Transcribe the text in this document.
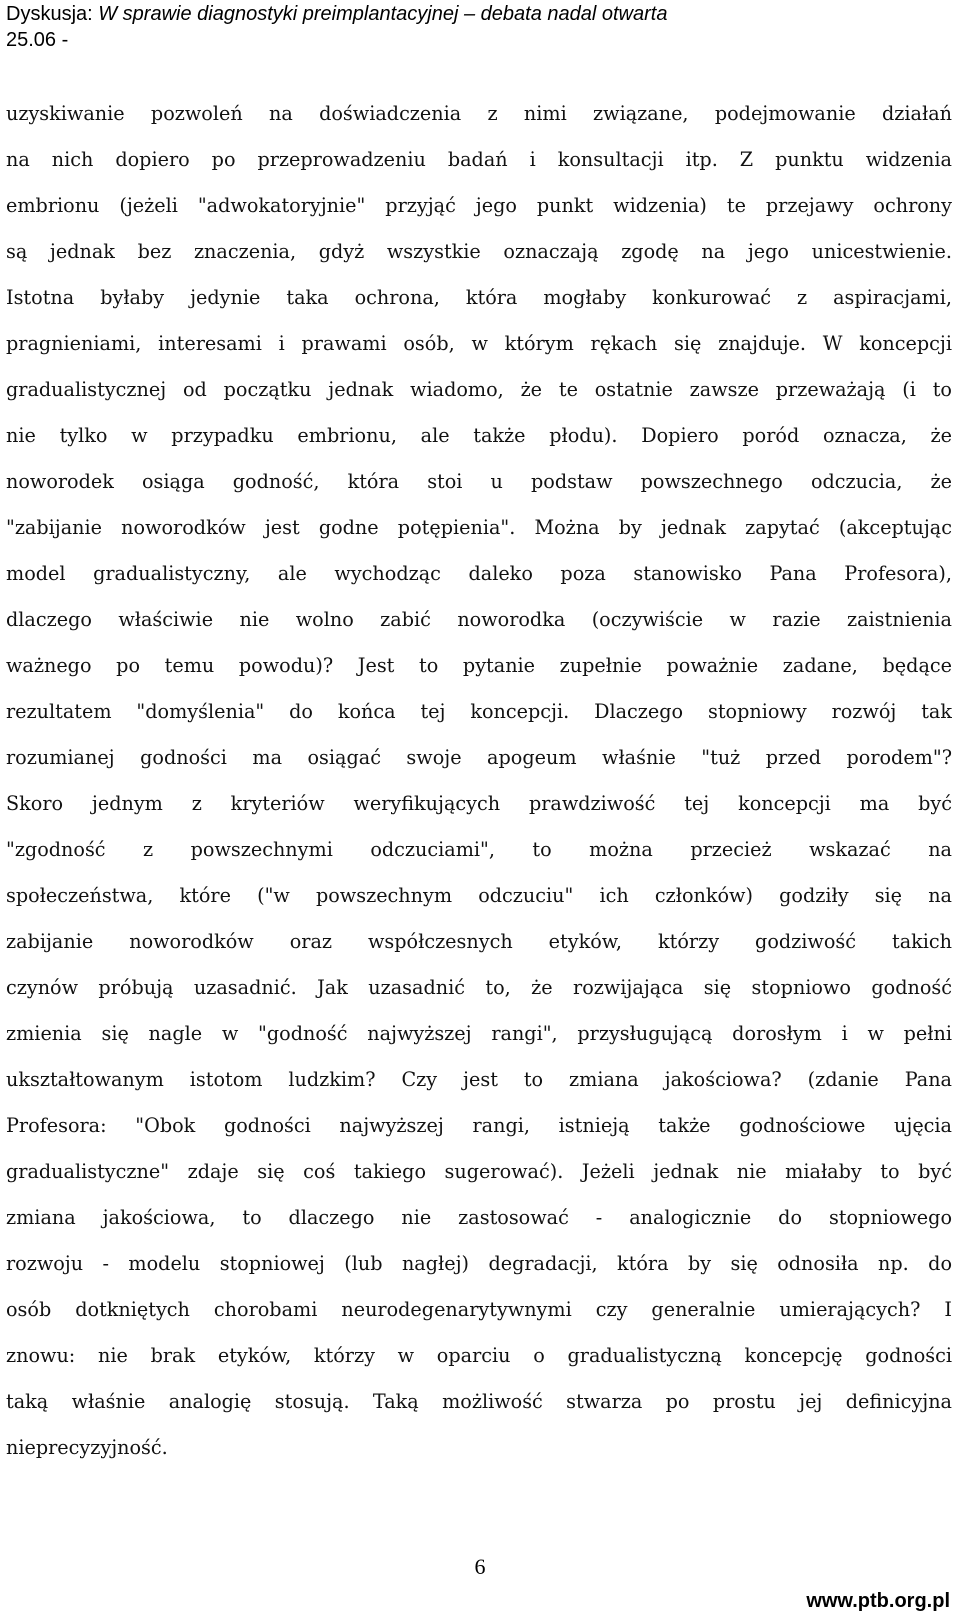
Dyskusja: W sprawie diagnostyki preimplantacyjnej – debata nadal otwarta
25.06 -
uzyskiwanie pozwoleń na doświadczenia z nimi związane, podejmowanie działań
na nich dopiero po przeprowadzeniu badań i konsultacji itp. Z punktu widzenia
embrionu (jeżeli "adwokatoryjnie" przyjąć jego punkt widzenia) te przejawy ochrony
są jednak bez znaczenia, gdyż wszystkie oznaczają zgodę na jego unicestwienie.
Istotna byłaby jedynie taka ochrona, która mogłaby konkurować z aspiracjami,
pragnieniami, interesami i prawami osób, w którym rękach się znajduje. W koncepcji
gradualistycznej od początku jednak wiadomo, że te ostatnie zawsze przeważają (i to
nie tylko w przypadku embrionu, ale także płodu). Dopiero poród oznacza, że
noworodek osiąga godność, która stoi u podstaw powszechnego odczucia, że
"zabijanie noworodków jest godne potępienia". Można by jednak zapytać (akceptując
model gradualistyczny, ale wychodząc daleko poza stanowisko Pana Profesora),
dlaczego właściwie nie wolno zabić noworodka (oczywiście w razie zaistnienia
ważnego po temu powodu)? Jest to pytanie zupełnie poważnie zadane, będące
rezultatem "domyślenia" do końca tej koncepcji. Dlaczego stopniowy rozwój tak
rozumianej godności ma osiągać swoje apogeum właśnie "tuż przed porodem"?
Skoro jednym z kryteriów weryfikujących prawdziwość tej koncepcji ma być
"zgodność z powszechnymi odczuciami", to można przecież wskazać na
społeczeństwa, które ("w powszechnym odczuciu" ich członków) godziły się na
zabijanie noworodków oraz współczesnych etyków, którzy godziwość takich
czynów próbują uzasadnić. Jak uzasadnić to, że rozwijająca się stopniowo godność
zmienia się nagle w "godność najwyższej rangi", przysługującą dorosłym i w pełni
ukształtowanym istotom ludzkim? Czy jest to zmiana jakościowa? (zdanie Pana
Profesora: "Obok godności najwyższej rangi, istnieją także godnościowe ujęcia
gradualistyczne" zdaje się coś takiego sugerować). Jeżeli jednak nie miałaby to być
zmiana jakościowa, to dlaczego nie zastosować - analogicznie do stopniowego
rozwoju - modelu stopniowej (lub nagłej) degradacji, która by się odnosiła np. do
osób dotkniętych chorobami neurodegenarytywnymi czy generalnie umierających? I
znowu: nie brak etyków, którzy w oparciu o gradualistyczną koncepcję godności
taką właśnie analogię stosują. Taką możliwość stwarza po prostu jej definicyjna
nieprecyzyjność.
6
www.ptb.org.pl
